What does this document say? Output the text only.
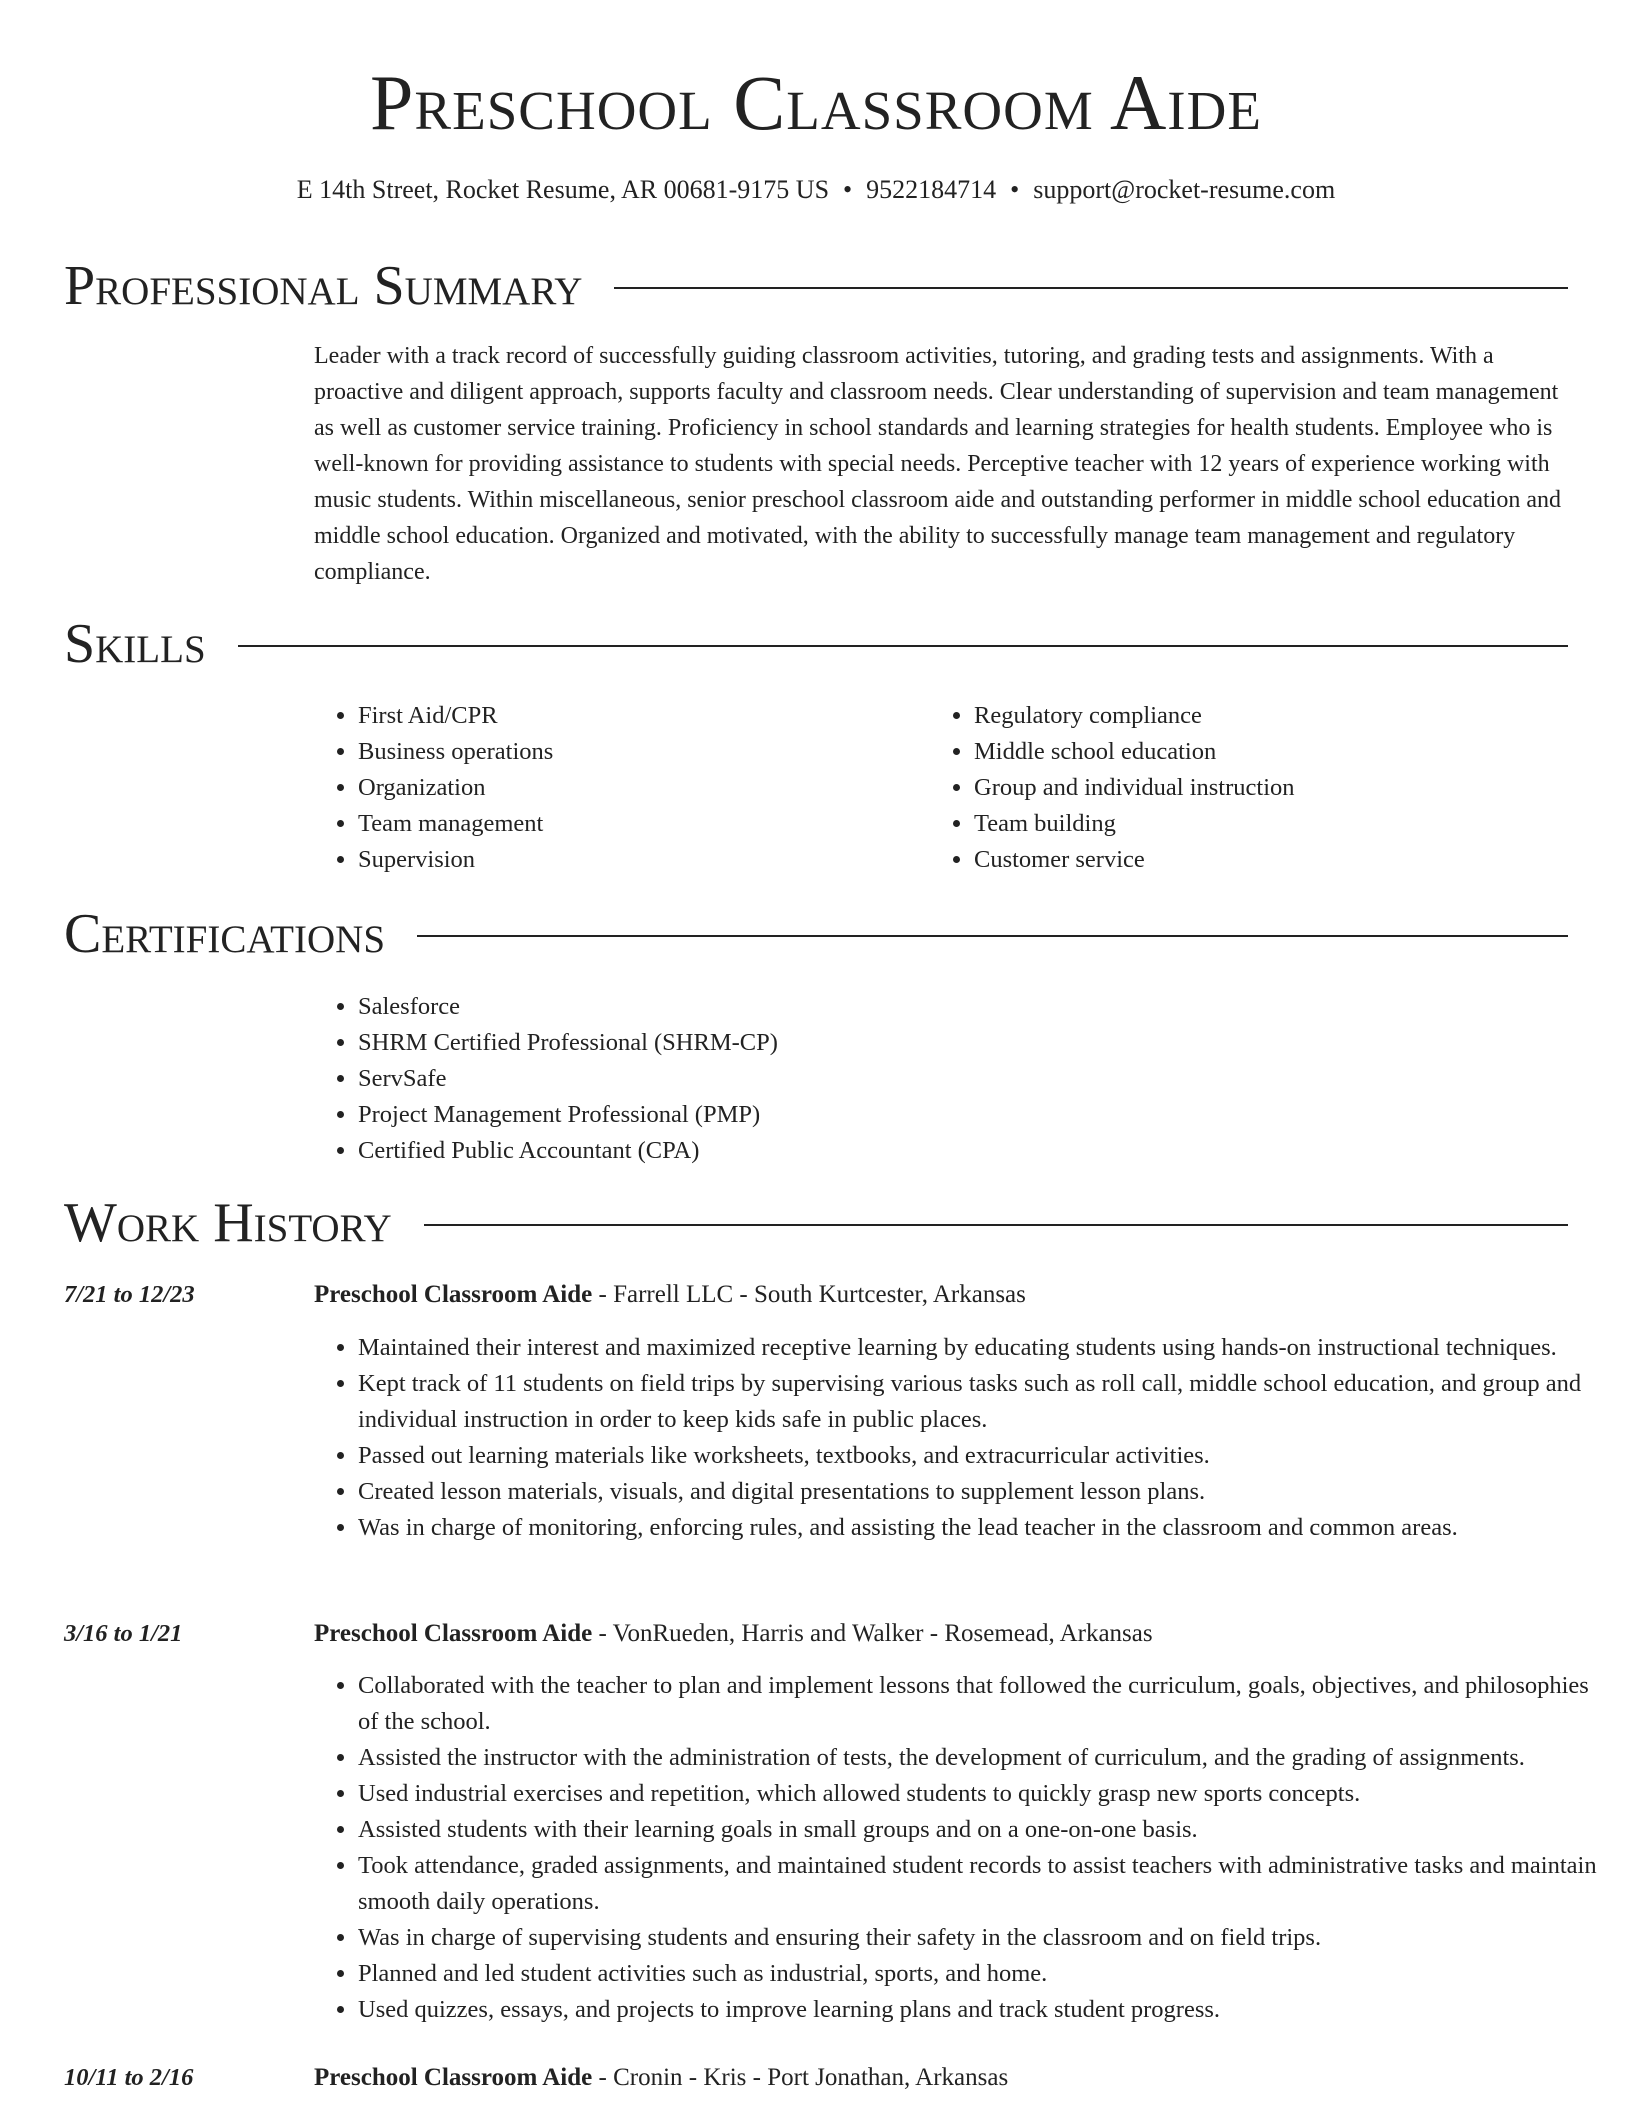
Preschool Classroom Aide
E 14th Street, Rocket Resume, AR 00681-9175 US • 9522184714 • support@rocket-resume.com
Professional Summary

Leader with a track record of successfully guiding classroom activities, tutoring, and grading tests and assignments. With a proactive and diligent approach, supports faculty and classroom needs. Clear understanding of supervision and team management as well as customer service training. Proficiency in school standards and learning strategies for health students. Employee who is well-known for providing assistance to students with special needs. Perceptive teacher with 12 years of experience working with music students. Within miscellaneous, senior preschool classroom aide and outstanding performer in middle school education and middle school education. Organized and motivated, with the ability to successfully manage team management and regulatory compliance.

Skills
• First Aid/CPR
• Business operations
• Organization
• Team management
• Supervision
• Regulatory compliance
• Middle school education
• Group and individual instruction
• Team building
• Customer service
Certifications
• Salesforce
• SHRM Certified Professional (SHRM-CP)
• ServSafe
• Project Management Professional (PMP)
• Certified Public Accountant (CPA)
Work History
7/21 to 12/23	Preschool Classroom Aide - Farrell LLC - South Kurtcester, Arkansas
• Maintained their interest and maximized receptive learning by educating students using hands-on instructional techniques.
• Kept track of 11 students on field trips by supervising various tasks such as roll call, middle school education, and group and individual instruction in order to keep kids safe in public places.
• Passed out learning materials like worksheets, textbooks, and extracurricular activities.
• Created lesson materials, visuals, and digital presentations to supplement lesson plans.
• Was in charge of monitoring, enforcing rules, and assisting the lead teacher in the classroom and common areas.
3/16 to 1/21	Preschool Classroom Aide - VonRueden, Harris and Walker - Rosemead, Arkansas
• Collaborated with the teacher to plan and implement lessons that followed the curriculum, goals, objectives, and philosophies of the school.
• Assisted the instructor with the administration of tests, the development of curriculum, and the grading of assignments.
• Used industrial exercises and repetition, which allowed students to quickly grasp new sports concepts.
• Assisted students with their learning goals in small groups and on a one-on-one basis.
• Took attendance, graded assignments, and maintained student records to assist teachers with administrative tasks and maintain smooth daily operations.
• Was in charge of supervising students and ensuring their safety in the classroom and on field trips.
• Planned and led student activities such as industrial, sports, and home.
• Used quizzes, essays, and projects to improve learning plans and track student progress.
10/11 to 2/16	Preschool Classroom Aide - Cronin - Kris - Port Jonathan, Arkansas
